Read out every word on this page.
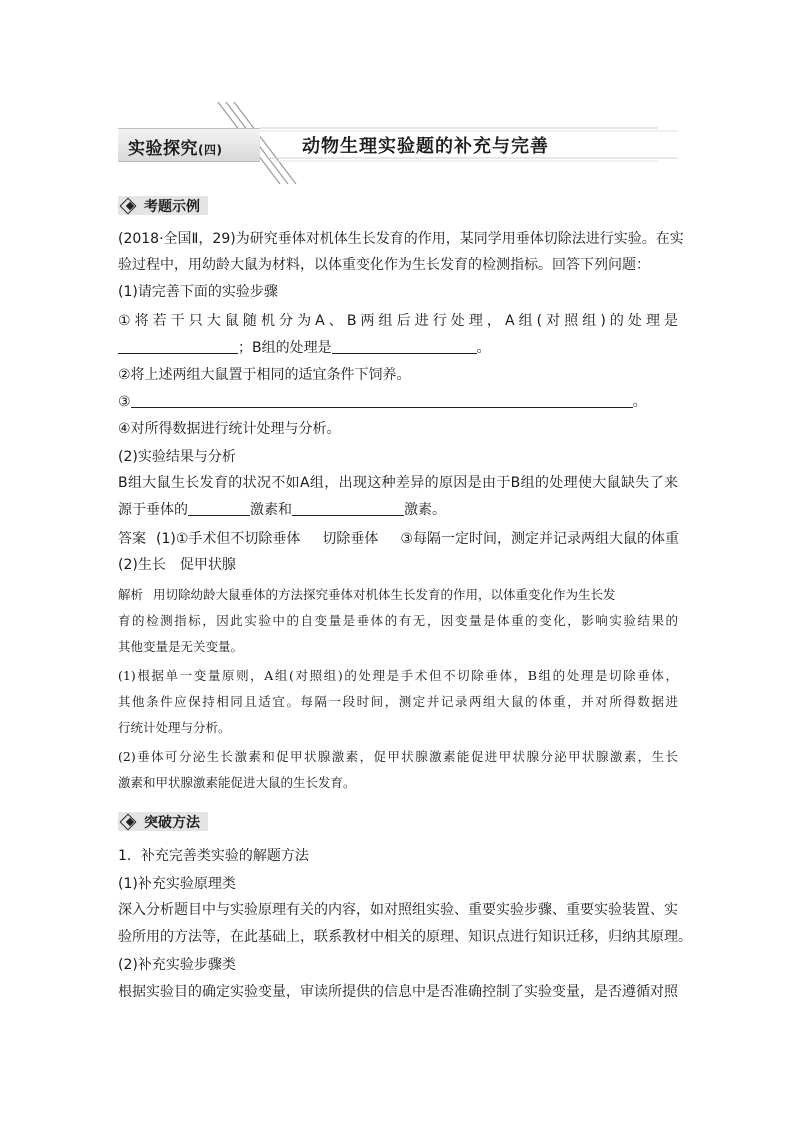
实验探究(四)	动物生理实验题的补充与完善
考题示例
(2018·全国Ⅱ，29)为研究垂体对机体生长发育的作用，某同学用垂体切除法进行实验。在实
验过程中，用幼龄大鼠为材料，以体重变化作为生长发育的检测指标。回答下列问题：
(1)请完善下面的实验步骤
①将若干只大鼠随机分为A、B两组后进行处理，A组(对照组)的处理是
；B组的处理是	。
②将上述两组大鼠置于相同的适宜条件下饲养。
③	。
④对所得数据进行统计处理与分析。
(2)实验结果与分析
B组大鼠生长发育的状况不如A组，出现这种差异的原因是由于B组的处理使大鼠缺失了来
源于垂体的	激素和	激素。
答案 (1)①手术但不切除垂体 切除垂体 ③每隔一定时间，测定并记录两组大鼠的体重
(2)生长 促甲状腺
解析 用切除幼龄大鼠垂体的方法探究垂体对机体生长发育的作用，以体重变化作为生长发
育的检测指标，因此实验中的自变量是垂体的有无，因变量是体重的变化，影响实验结果的
其他变量是无关变量。
(1)根据单一变量原则，A组(对照组)的处理是手术但不切除垂体，B组的处理是切除垂体，
其他条件应保持相同且适宜。每隔一段时间，测定并记录两组大鼠的体重，并对所得数据进
行统计处理与分析。
(2)垂体可分泌生长激素和促甲状腺激素，促甲状腺激素能促进甲状腺分泌甲状腺激素，生长
激素和甲状腺激素能促进大鼠的生长发育。
突破方法
1．补充完善类实验的解题方法
(1)补充实验原理类
深入分析题目中与实验原理有关的内容，如对照组实验、重要实验步骤、重要实验装置、实
验所用的方法等，在此基础上，联系教材中相关的原理、知识点进行知识迁移，归纳其原理。
(2)补充实验步骤类
根据实验目的确定实验变量，审读所提供的信息中是否准确控制了实验变量，是否遵循对照
